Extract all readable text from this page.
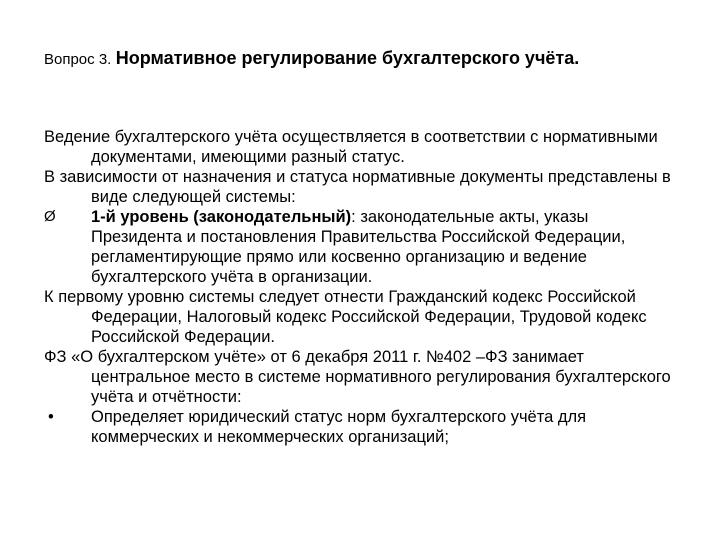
Вопрос 3. Нормативное регулирование бухгалтерского учёта.

Ведение бухгалтерского учёта осуществляется в соответствии с нормативными документами, имеющими разный статус.

В зависимости от назначения и статуса нормативные документы представлены в виде следующей системы:

Ø	1-й уровень (законодательный): законодательные акты, указы Президента и постановления Правительства Российской Федерации, регламентирующие прямо или косвенно организацию и ведение бухгалтерского учёта в организации.

К первому уровню системы следует отнести Гражданский кодекс Российской Федерации, Налоговый кодекс Российской Федерации, Трудовой кодекс Российской Федерации.

ФЗ «О бухгалтерском учёте» от 6 декабря 2011 г. №402 –ФЗ занимает центральное место в системе нормативного регулирования бухгалтерского учёта и отчётности:

•	Определяет юридический статус норм бухгалтерского учёта для коммерческих и некоммерческих организаций;
